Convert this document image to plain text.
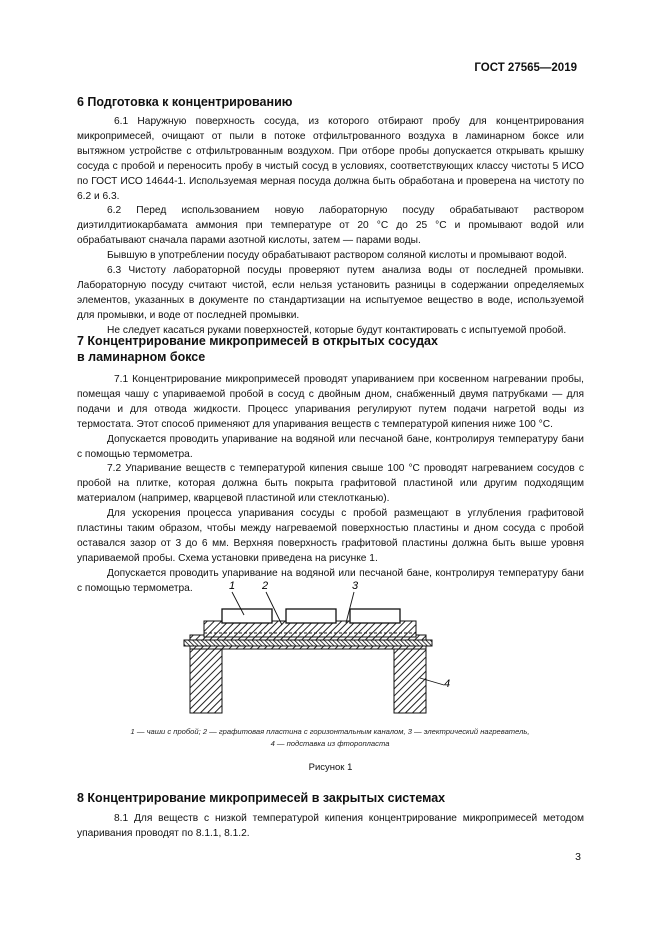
ГОСТ 27565—2019
6 Подготовка к концентрированию

6.1 Наружную поверхность сосуда, из которого отбирают пробу для концентрирования микропримесей, очищают от пыли в потоке отфильтрованного воздуха в ламинарном боксе или вытяжном устройстве с отфильтрованным воздухом. При отборе пробы допускается открывать крышку сосуда с пробой и переносить пробу в чистый сосуд в условиях, соответствующих классу чистоты 5 ИСО по ГОСТ ИСО 14644-1. Используемая мерная посуда должна быть обработана и проверена на чистоту по 6.2 и 6.3.

6.2 Перед использованием новую лабораторную посуду обрабатывают раствором диэтилдитиокарбамата аммония при температуре от 20 °С до 25 °С и промывают водой или обрабатывают сначала парами азотной кислоты, затем — парами воды.

Бывшую в употреблении посуду обрабатывают раствором соляной кислоты и промывают водой.

6.3 Чистоту лабораторной посуды проверяют путем анализа воды от последней промывки. Лабораторную посуду считают чистой, если нельзя установить разницы в содержании определяемых элементов, указанных в документе по стандартизации на испытуемое вещество в воде, используемой для промывки, и воде от последней промывки.

Не следует касаться руками поверхностей, которые будут контактировать с испытуемой пробой.

7 Концентрирование микропримесей в открытых сосудах
в ламинарном боксе

7.1 Концентрирование микропримесей проводят упариванием при косвенном нагревании пробы, помещая чашу с упариваемой пробой в сосуд с двойным дном, снабженный двумя патрубками — для подачи и для отвода жидкости. Процесс упаривания регулируют путем подачи нагретой воды из термостата. Этот способ применяют для упаривания веществ с температурой кипения ниже 100 °С.

Допускается проводить упаривание на водяной или песчаной бане, контролируя температуру бани с помощью термометра.

7.2 Упаривание веществ с температурой кипения свыше 100 °С проводят нагреванием сосудов с пробой на плитке, которая должна быть покрыта графитовой пластиной или другим подходящим материалом (например, кварцевой пластиной или стеклотканью).

Для ускорения процесса упаривания сосуды с пробой размещают в углубления графитовой пластины таким образом, чтобы между нагреваемой поверхностью пластины и дном сосуда с пробой оставался зазор от 3 до 6 мм. Верхняя поверхность графитовой пластины должна быть выше уровня упариваемой пробы. Схема установки приведена на рисунке 1.

Допускается проводить упаривание на водяной или песчаной бане, контролируя температуру бани с помощью термометра.	1 2	3
4
1 — чаши с пробой; 2 — графитовая пластина с горизонтальным каналом, 3 — электрический нагреватель,
4 — подставка из фторопласта
Рисунок 1
8 Концентрирование микропримесей в закрытых системах

8.1 Для веществ с низкой температурой кипения концентрирование микропримесей методом упаривания проводят по 8.1.1, 8.1.2.

3
